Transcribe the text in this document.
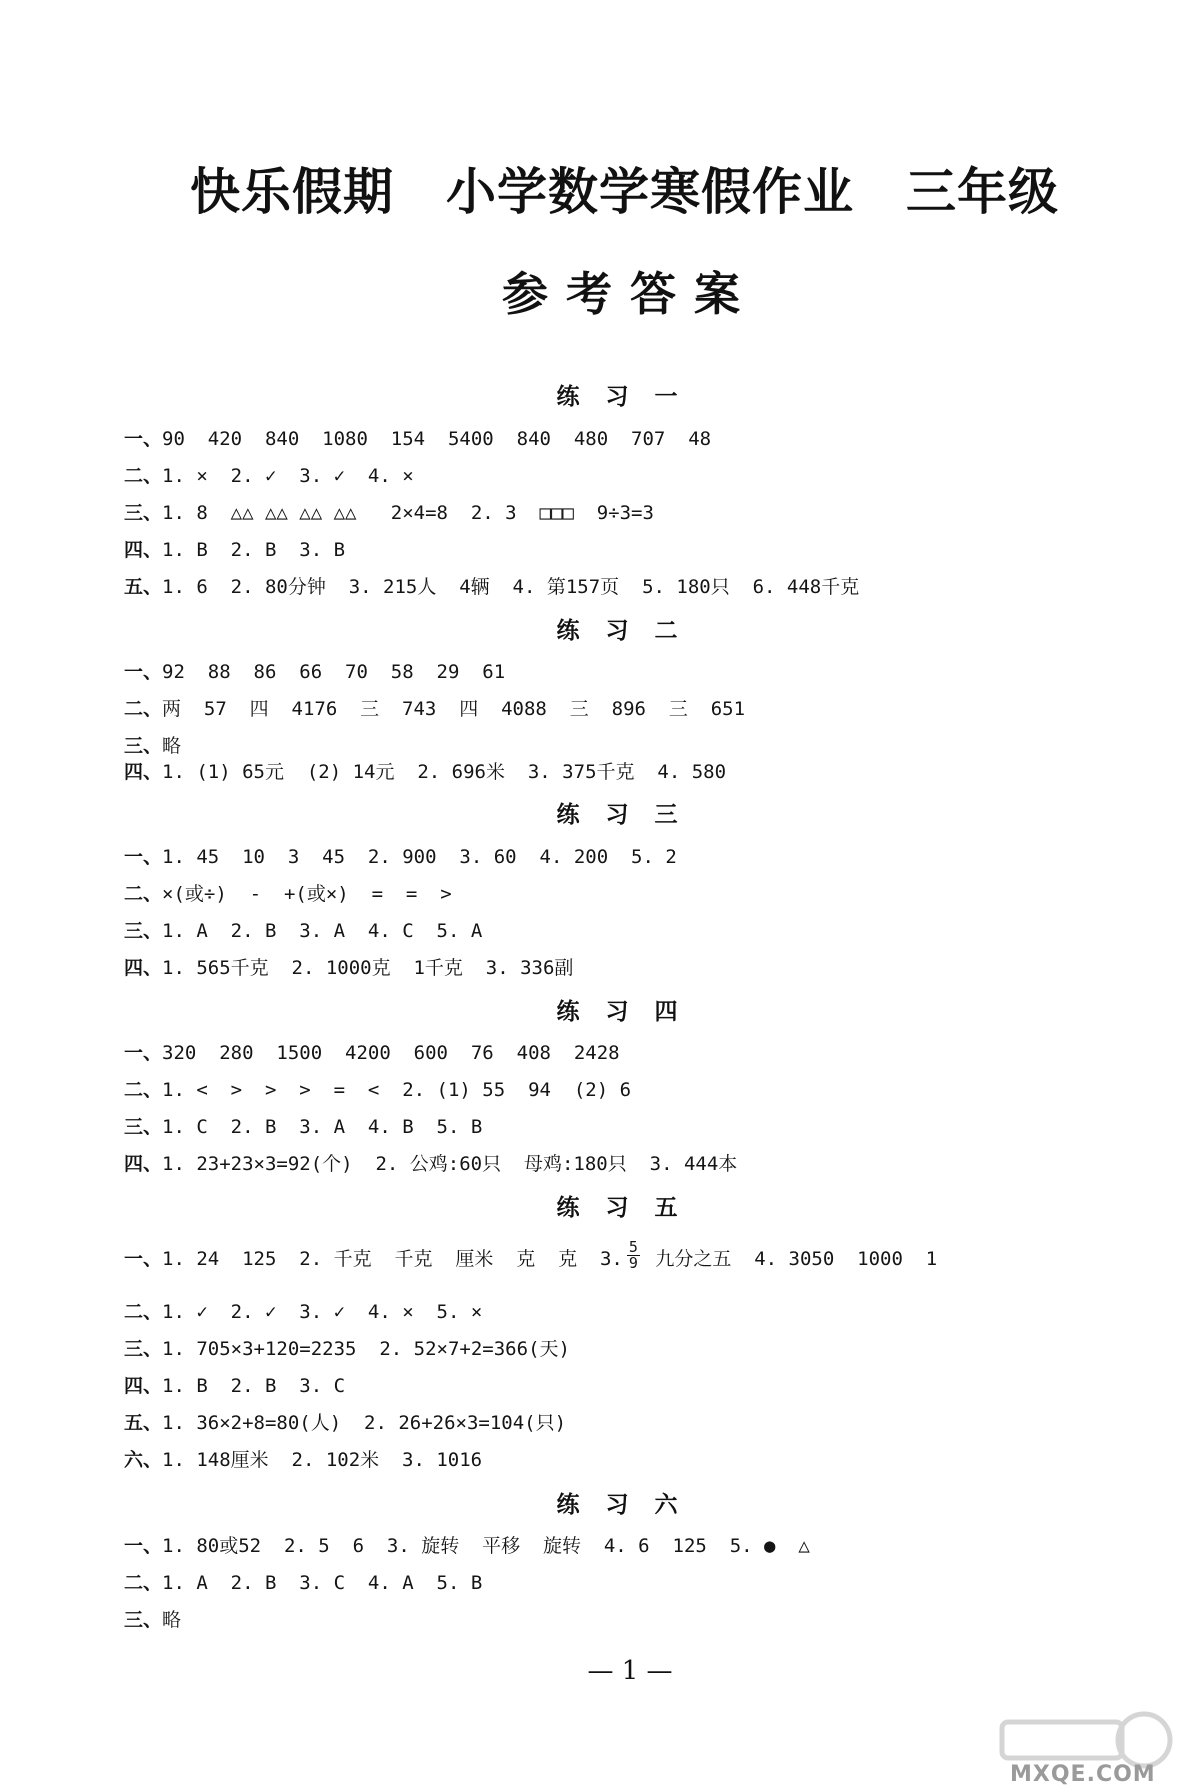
快乐假期 小学数学寒假作业 三年级
参考答案
练习一
一、90  420  840  1080  154  5400  840  480  707  48
二、1. ×  2. ✓  3. ✓  4. ×
三、1. 8  △△ △△ △△ △△   2×4=8  2. 3  □□□  9÷3=3
四、1. B  2. B  3. B
五、1. 6  2. 80分钟  3. 215人  4辆  4. 第157页  5. 180只  6. 448千克
练习二
一、92  88  86  66  70  58  29  61
二、两  57  四  4176  三  743  四  4088  三  896  三  651
三、略
四、1. (1) 65元  (2) 14元  2. 696米  3. 375千克  4. 580
练习三
一、1. 45  10  3  45  2. 900  3. 60  4. 200  5. 2
二、×(或÷)  -  +(或×)  =  =  >
三、1. A  2. B  3. A  4. C  5. A
四、1. 565千克  2. 1000克  1千克  3. 336副
练习四
一、320  280  1500  4200  600  76  408  2428
二、1. <  >  >  >  =  <  2. (1) 55  94  (2) 6
三、1. C  2. B  3. A  4. B  5. B
四、1. 23+23×3=92(个)  2. 公鸡:60只  母鸡:180只  3. 444本
练习五
一、1. 24  125  2. 千克  千克  厘米  克  克  3. $\frac{5}{9}$ 九分之五  4. 3050  1000  1
二、1. ✓  2. ✓  3. ✓  4. ×  5. ×
三、1. 705×3+120=2235  2. 52×7+2=366(天)
四、1. B  2. B  3. C
五、1. 36×2+8=80(人)  2. 26+26×3=104(只)
六、1. 148厘米  2. 102米  3. 1016
练习六
一、1. 80或52  2. 5  6  3. 旋转  平移  旋转  4. 6  125  5. ●  △
二、1. A  2. B  3. C  4. A  5. B
三、略
— 1 —
MXQE.COM
